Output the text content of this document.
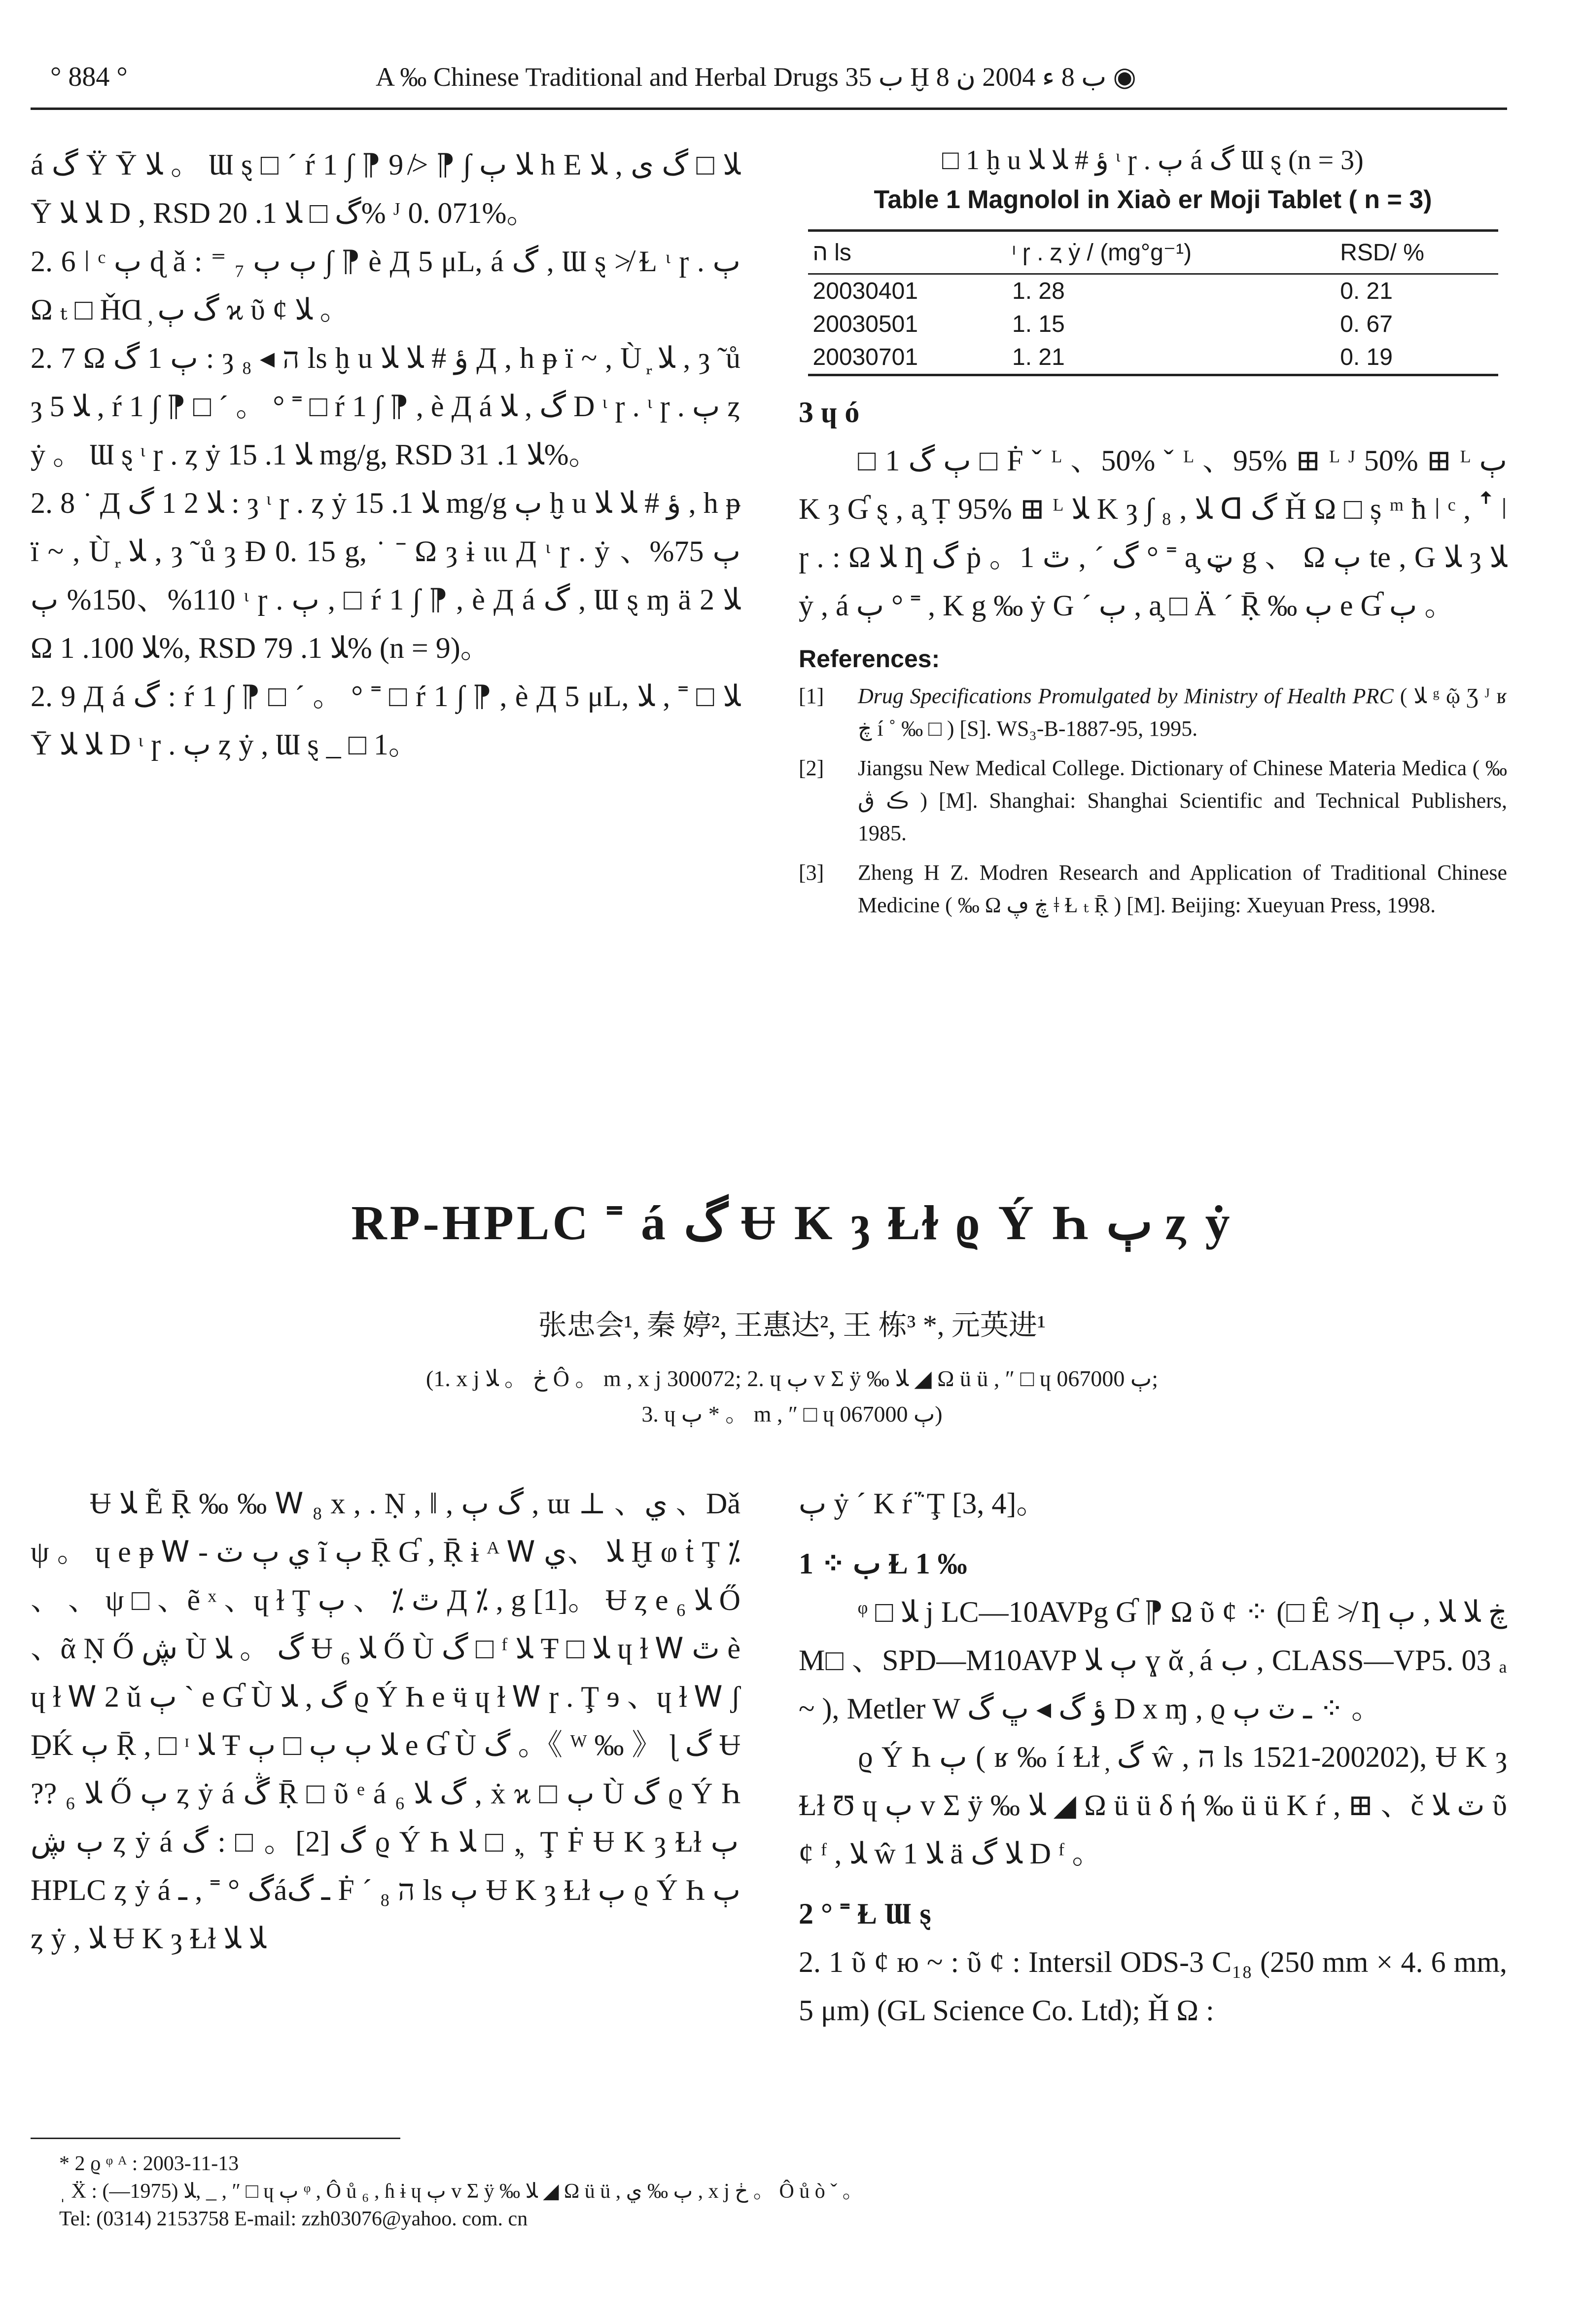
° 884 °	A ‰ Chinese Traditional and Herbal Drugs ب 35 Ḫ ب 8 ء 2004 ن 8 ◉

á گ Ÿ Ȳ ﻼ 。 Ɯ ȿ □ ´ ŕ 1 ∫ ⁋ ﻼ ٻ ∫ ⁋ ≯ 9 h E ﻼ □ گ ى , ﻼ Ȳ ﻼ ﻼ D , RSD گ □ ﻼ 1. 20% ᴶ 0. 071%。

2. 6 ǀ ᶜ ٻ ɖ ǎ : ⁼ ₇ ٻ ٻ ∫ ⁋ è Д 5 μL, á گ , Ɯ ȿ ≯ Ɫ ᶥ ɼ . ٻ Ω ₜ □ ȞⱭ ̦ گ ٻ ϰ ῦ ȼ ﻼ 。

2. 7 Ω ٻ 1 گ : ȝ ₈ ◂ ה ls ḫ u ؤ # ﻼ ﻼ Д , h ᵽ ï ~ , Ù ᷊ ﻼ , ȝ ̃ ů ȝ 5 ﻼ , ŕ 1 ∫ ⁋ □ ´ 。 ° ˭ □ ŕ 1 ∫ ⁋ , è Д á گ , ﻼ D ᶥ ɼ . ᶥ ɼ . ٻ ȥ ẏ 。 Ɯ ȿ ᶥ ɼ . ȥ ẏ ﻼ 1. 15 mg/g, RSD ﻼ 1. 31%。

2. 8 ˙ Д ﻼ 2 1 گ : ȝ ᶥ ɼ . ȥ ẏ ﻼ 1. 15 mg/g ٻ ḫ u ؤ # ﻼ ﻼ , h ᵽ ï ~ , Ù ᷊ ﻼ , ȝ ̃ ů ȝ Ð 0. 15 g, ˙ ˉ Ω ȝ ɨ ɩɩɩ Д ᶥ ɼ . ẏ ٻ 75%、110%、150% ٻ ᶥ ɼ . ٻ , □ ŕ 1 ∫ ⁋ , è Д á گ , Ɯ ȿ ɱ ä ﻼ 2 Ω ﻼ 100. 1%, RSD ﻼ 1. 79% (n = 9)。

2. 9 Д á گ : ŕ 1 ∫ ⁋ □ ´ 。 ° ˭ □ ŕ 1 ∫ ⁋ , è Д 5 μL, ﻼ □ ˭ , ﻼ Ȳ ﻼ ﻼ D ᶥ ɼ . ٻ ȥ ẏ , Ɯ ȿ _ □ 1。

□ 1 ḫ u ؤ # ﻼ ﻼ ᶥ ɼ . ٻ á گ Ɯ ȿ (n = 3)
Table 1 Magnolol in Xiaò er Moji Tablet ( n = 3)
ה ls	ᶥ ɼ . ȥ ẏ / (mg°g⁻¹)	RSD/ %
20030401	1. 28	0. 21
20030501	1. 15	0. 67
20030701	1. 21	0. 19
3 ɥ ó

□ 1 ٻ گ □ Ḟ ˇ ᴸ 、50% ˇ ᴸ 、95% ⊞ ᴸ ᴶ 50% ⊞ ᴸ ٻ K ȝ Ɠ ȿ , a̧ Ṭ 95% ⊞ ᴸ ﻼ K ȝ ∫ ﻼ , ₈ ᗡ گ Ȟ Ω □ ș ᵐ ħ ǀ ᶜ , ꜛ ǀ ɼ . : Ω ﻼ Ƞ گ ṗ 。1 گ ´ , ٿ ° ˭ a̧ ټ g 、 Ω ٻ te , G ﻼ ȝ ﻼ ẏ , á ٻ ° ˭ , K g ‰ ẏ G ´ ٻ , a̧ □ Ä ´ Ṝ ‰ ٻ e Ɠ ٻ 。

References:
[1]	Drug Specifications Promulgated by Ministry of Health PRC ( ﻼ ᵍ ῷ Ʒ ᴶ ʁ ڿ í ˚ ‰ □ ) [S]. WS₃-B-1887-95, 1995.
[2]	Jiangsu New Medical College. Dictionary of Chinese Materia Medica ( ‰ ڪ ڨ ) [M]. Shanghai: Shanghai Scientific and Technical Publishers, 1985.
[3]	Zheng H Z. Modren Research and Application of Traditional Chinese Medicine ( ‰ Ω ڿ ڥ ǂ Ɫ ₜ Ṝ ) [M]. Beijing: Xueyuan Press, 1998.
RP-HPLC ˭ á گ Ʉ K ȝ Ɫɫ ϱ Ý Һ ٻ ȥ ẏ
张忠会¹, 秦 婷², 王惠达², 王 栋³ *, 元英进¹
(1. x j ڂ 。 ﻼ Ô 。 m , x j 300072; 2. ɥ ٻ v Σ ÿ ‰ ﻼ ◢ Ω ü ü , ″ □ ɥ ٻ 067000;
3. ɥ ٻ * 。 m , ″ □ ɥ ٻ 067000)

Ʉ ﻼ Ẽ Ṝ ‰ ‰ Ꮃ ₈ x , . Ṇ , ǁ , گ ٻ , ɯ ⊥ 、ي 、Dǎ ψ 。 ɥ e ᵽ Ꮃ - ي ٻ ٽ ĩ ٻ Ṝ Ɠ , Ṝ ɨ ᴬ Ꮃ ﻼ 、ي Ḫ ⱷ ṫ Ţ ⁒ 、 、 ψ □ 、ẽ ˣ 、ɥ ɫ Ţ ٿ ⁒ 、 ٻ Д ⁒ , g [1]。 Ʉ ȥ e ﻼ ₆ Ő 、ᾶ Ṇ Ő ڜ Ù گ 。 ﻼ Ʉ ﻼ ₆ Ő Ù گ □ ᶠ ﻼ Ŧ □ ﻼ ɥ ɫ Ꮃ ٿ è ɥ ɫ Ꮃ 2 ǔ ٻ ˋ e Ɠ Ù گ , ﻼ ϱ Ý Һ e ӵ ɥ ɫ Ꮃ ɼ . Ţ ɘ 、ɥ ɫ Ꮃ ʃ ḎḰ ٻ Ṝ , □ ᶦ ﻼ Ŧ ﻼ ٻ ٻ □ ٻ e Ɠ Ù گ 。《 ᵂ ‰ 》 ɭ گ Ʉ ?? ﻼ ₆ Ő ٻ ȥ ẏ á ڴ Ṝ □ ῦ ᵉ á گ ﻼ ₆ , ẋ ϰ □ ٻ Ù گ ϱ Ý Һ ٻ ڜ ȥ ẏ á گ [2]。 □ : گ ϱ Ý Һ ﻼ □ , ̦ Ţ Ḟ Ʉ K ȝ Ɫɫ ٻ HPLC ȥ ẏ á گ ° ˭ , ـáـ گ Ḟ ´ ₈ ה ls ٻ Ʉ K ȝ Ɫɫ ٻ ϱ Ý Һ ٻ ȥ ẏ , ﻼ Ʉ K ȝ Ɫɫ ﻼ ﻼ

ٻ ẏ ´ K ŕ ᷁ Ţ [3, 4]。

1 ⁘ ب Ɫ 1 ‰

ᵠ □ ﻼ j LC—10AVPg Ɠ ⁋ Ω ῦ ȼ ⁘ (□ Ȇ ≯ Ƞ ڿ ﻼ ﻼ , ٻ M□ 、SPD—M10AVP ٻ ﻼ ɣ ᾰ ̦ á ب , CLASS—VP5. 03 ₐ ~ ), Metler W ؤ گ ◂ ڀ گ D x ɱ , ϱ ـ ٽ ٻ ⁘ 。

ϱ Ý Һ ٻ ( ʁ ‰ í Ɫɫ ̦ گ ŵ , ה ls 1521-200202), Ʉ K ȝ Ɫɫ Ʊ ɥ ٻ v Σ ÿ ‰ ﻼ ◢ Ω ü ü δ ή ‰ ü ü K ŕ , ⊞ 、č ٽ ﻼ ῦ ȼ ᶠ , ﻼ ŵ 1 ﻼ ä ﻼ گ D ᶠ 。

2 ° ˭ Ɫ Ɯ ȿ

2. 1 ῦ ȼ ю ~ : ῦ ȼ : Intersil ODS-3 C₁₈ (250 mm × 4. 6 mm, 5 μm) (GL Science Co. Ltd); Ȟ Ω :

* 2 ϱ ᵠ ᴬ : 2003-11-13
ˌ Ẍ : ﻼ (1975—), _ , ″ □ ɥ ٻ ᵠ , Ô ů ₆ , ɦ ɨ ɥ ٻ v Σ ÿ ‰ ﻼ ◢ Ω ü ü , ٻ ‰ ي , x j ڂ 。 Ô ů ò ˇ 。
Tel: (0314) 2153758 E-mail: zzh03076@yahoo. com. cn
